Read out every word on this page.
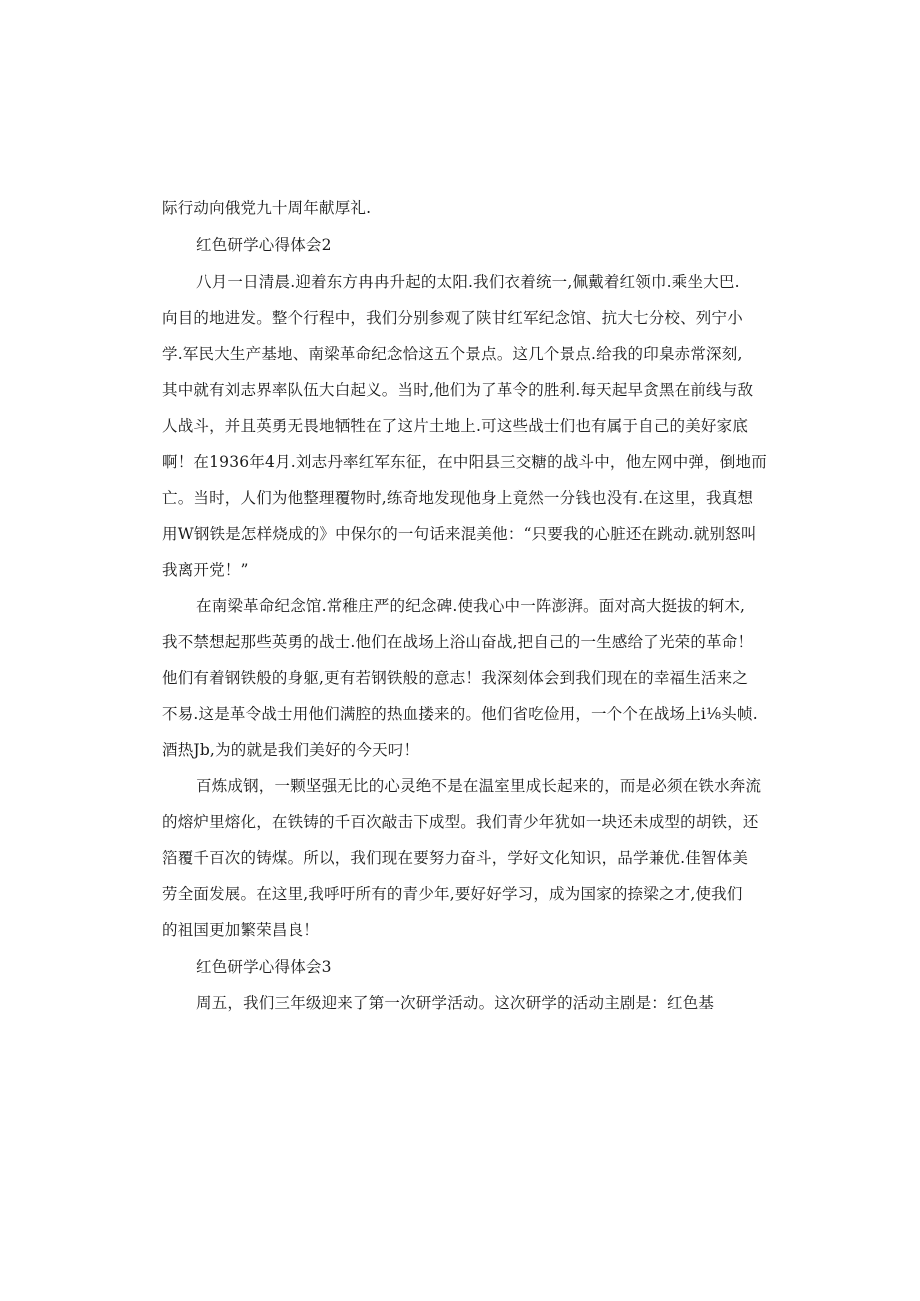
际行动向俄党九十周年献厚礼.
红色研学心得体会2
八月一日清晨.迎着东方冉冉升起的太阳.我们衣着统一,佩戴着红领巾.乘坐大巴.
向目的地进发。整个行程中，我们分别参观了陕甘红军纪念馆、抗大七分校、列宁小
学.军民大生产基地、南梁革命纪念恰这五个景点。这几个景点.给我的印臬赤常深刻,
其中就有刘志界率队伍大白起义。当时,他们为了革令的胜利.每天起早贪黑在前线与敌
人战斗，并且英勇无畏地牺牲在了这片土地上.可这些战士们也有属于自己的美好家底
啊！在1936年4月.刘志丹率红军东征，在中阳县三交糖的战斗中，他左网中弹，倒地而
亡。当时，人们为他整理覆物时,练奇地发现他身上竟然一分钱也没有.在这里，我真想
用W钢铁是怎样烧成的》中保尔的一句话来混美他：“只要我的心脏还在跳动.就别怒叫
我离开党！”
在南梁革命纪念馆.常稚庄严的纪念碑.使我心中一阵澎湃。面对高大挺拔的轲木,
我不禁想起那些英勇的战士.他们在战场上浴山奋战,把自己的一生感给了光荣的革命！
他们有着钢铁般的身躯,更有若钢铁般的意志！我深刻体会到我们现在的幸福生活来之
不易.这是革令战士用他们满腔的热血搂来的。他们省吃俭用，一个个在战场上i⅛头帧.
酒热Jb,为的就是我们美好的今天叼！
百炼成钢，一颗坚强无比的心灵绝不是在温室里成长起来的，而是必须在铁水奔流
的熔炉里熔化，在铁铸的千百次敲击下成型。我们青少年犹如一块还未成型的胡铁，还
箔覆千百次的铸煤。所以，我们现在要努力奋斗，学好文化知识，品学兼优.佳智体美
劳全面发展。在这里,我呼吁所有的青少年,要好好学习，成为国家的捺梁之才,使我们
的祖国更加繁荣昌良！
红色研学心得体会3
周五，我们三年级迎来了第一次研学活动。这次研学的活动主剧是：红色基
